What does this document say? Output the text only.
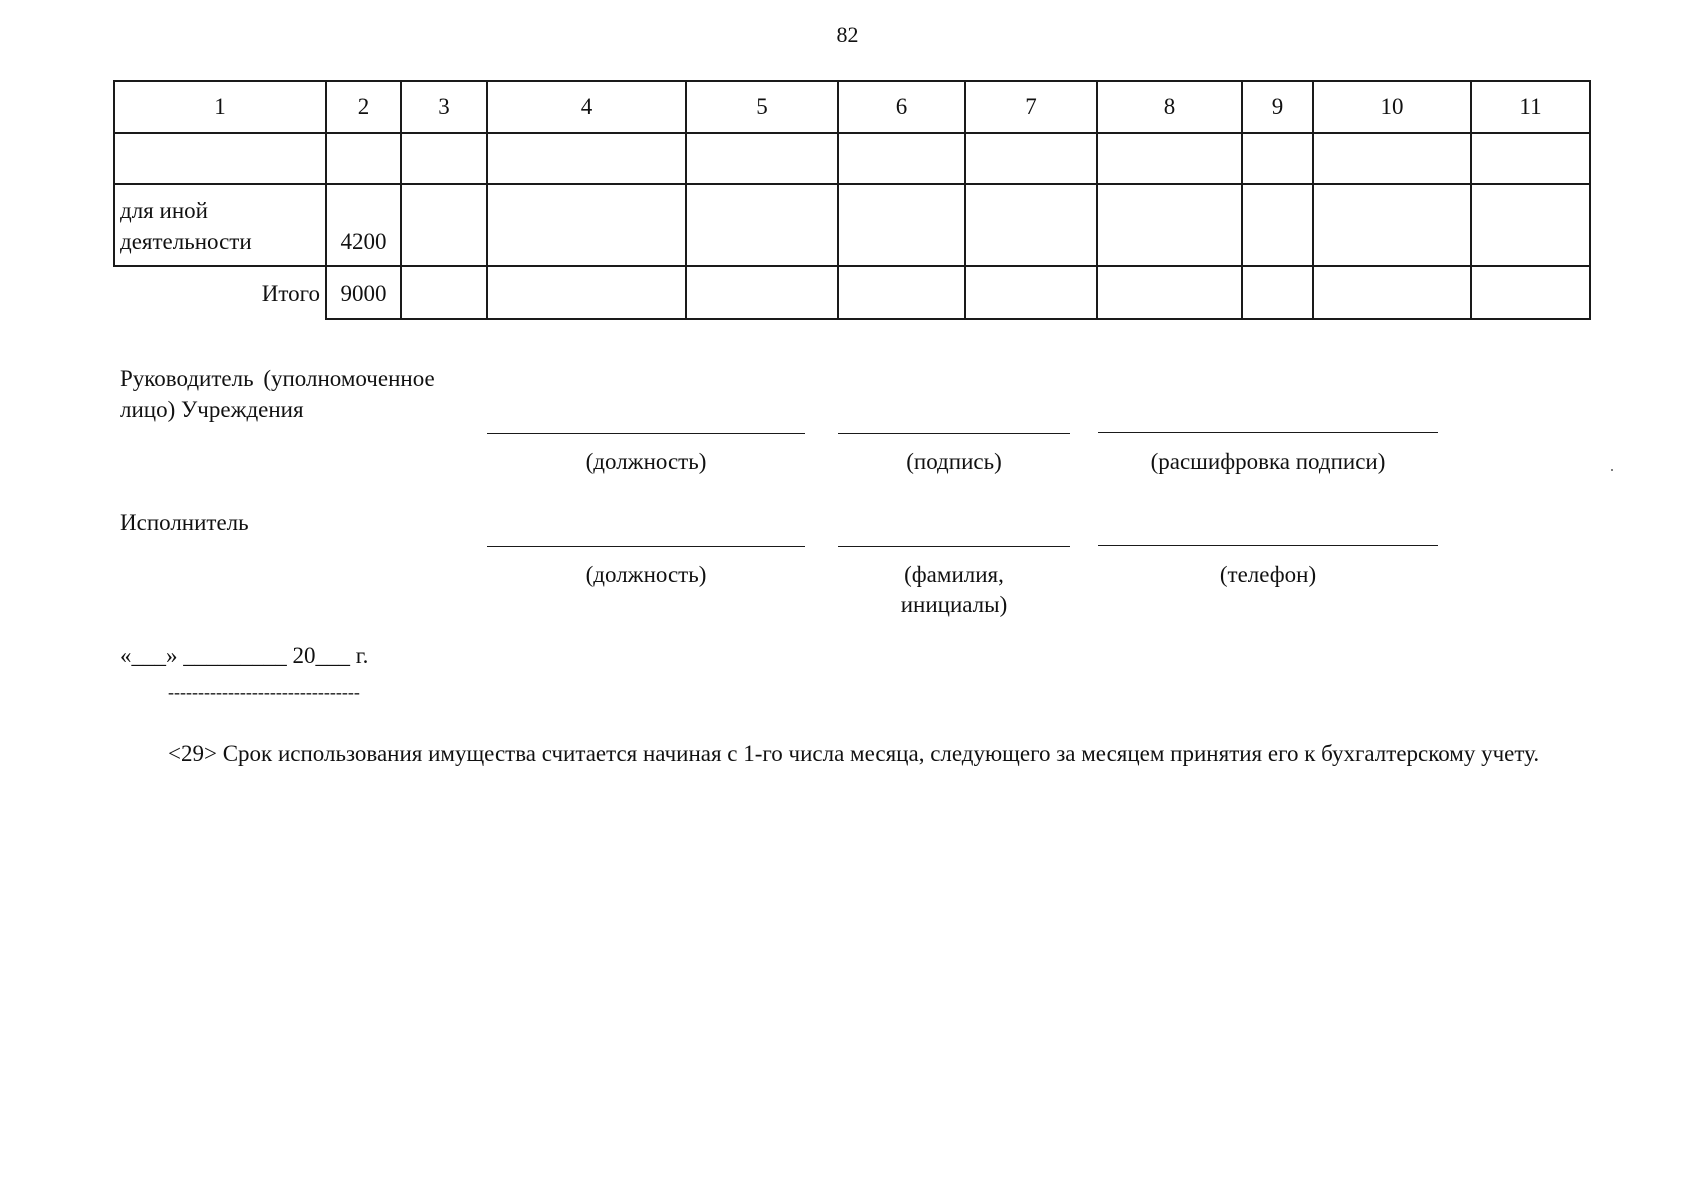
82
1	2	3	4	5	6	7	8	9	10	11
для иной
деятельности	4200
Итого 9000
Руководитель (уполномоченное
лицо) Учреждения
(должность)	(подпись)	(расшифровка подписи)
Исполнитель
(должность)	(фамилия,
инициалы)
(телефон)
«___» _________ 20___ г.
--------------------------------
<29> Срок использования имущества считается начиная с 1-го числа месяца, следующего за месяцем принятия его к бухгалтерскому учету.
